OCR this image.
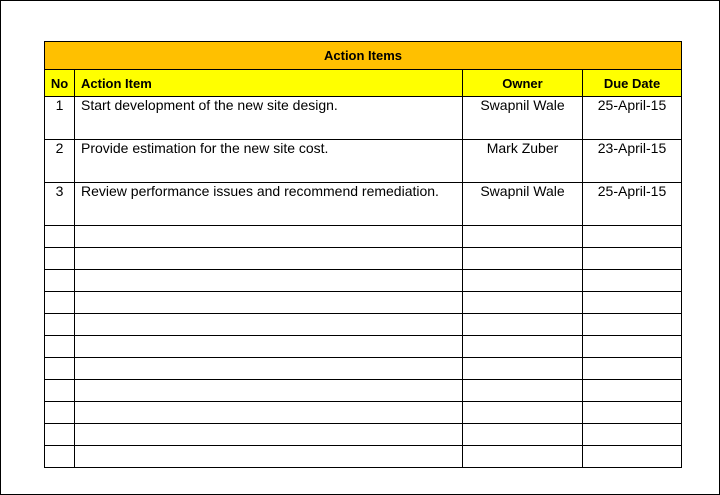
Action Items			
No	Action Item	Owner	Due Date
1	Start development of the new site design.	Swapnil Wale	25-April-15
2	Provide estimation for the new site cost.	Mark Zuber	23-April-15
3	Review performance issues and recommend remediation.	Swapnil Wale	25-April-15
